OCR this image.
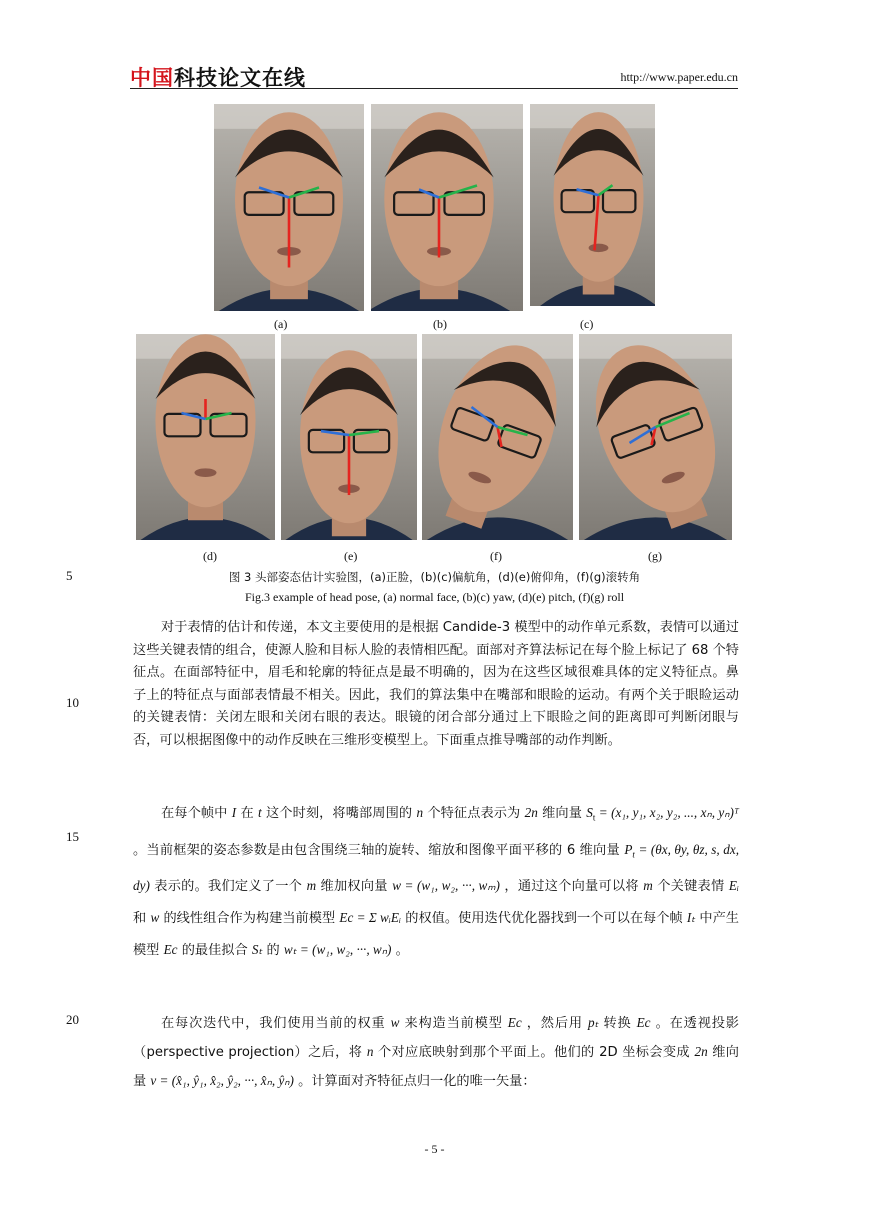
中国科技论文在线	http://www.paper.edu.cn
(a)	(b)	(c)
(d)	(e)	(f)	(g)
5	图 3 头部姿态估计实验图，(a)正脸，(b)(c)偏航角，(d)(e)俯仰角，(f)(g)滚转角
Fig.3 example of head pose, (a) normal face, (b)(c) yaw, (d)(e) pitch, (f)(g) roll
对于表情的估计和传递，本文主要使用的是根据 Candide-3 模型中的动作单元系数，表情可以通过这些关键表情的组合，使源人脸和目标人脸的表情相匹配。面部对齐算法标记在每个脸上标记了 68 个特征点。在面部特征中，眉毛和轮廓的特征点是最不明确的，因为在这些区域很难具体的定义特征点。鼻子上的特征点与面部表情最不相关。因此，我们的算法集中在嘴部和眼睑的运动。有两个关于眼睑运动的关键表情：关闭左眼和关闭右眼的表达。眼镜的闭合部分通过上下眼睑之间的距离即可判断闭眼与否，可以根据图像中的动作反映在三维形变模型上。下面重点推导嘴部的动作判断。
10
在每个帧中 I 在 t 这个时刻，将嘴部周围的 n 个特征点表示为 2n 维向量 $S_t = (x_1$, y₁, x₂, y₂, ..., xₙ, yₙ)ᵀ 。当前框架的姿态参数是由包含围绕三轴的旋转、缩放和图像平面平移的 6 维向量 $P_t = (\theta x$, θy, θz, s, dx, dy) 表示的。我们定义了一个 m 维加权向量 w = (w₁, w₂, ···, wₘ) ，通过这个向量可以将 m 个关键表情 Eᵢ 和 w 的线性组合作为构建当前模型 Ec = Σ wᵢEᵢ 的权值。使用迭代优化器找到一个可以在每个帧 Iₜ 中产生模型 Ec 的最佳拟合 Sₜ 的 wₜ = (w₁, w₂, ···, wₙ) 。
15
在每次迭代中，我们使用当前的权重 w 来构造当前模型 Ec ，然后用 pₜ 转换 Ec 。在透视投影（perspective projection）之后，将 n 个对应底映射到那个平面上。他们的 2D 坐标会变成 2n 维向量 v = (x̂₁, ŷ₁, x̂₂, ŷ₂, ···, x̂ₙ, ŷₙ) 。计算面对齐特征点归一化的唯一矢量：
20
- 5 -
